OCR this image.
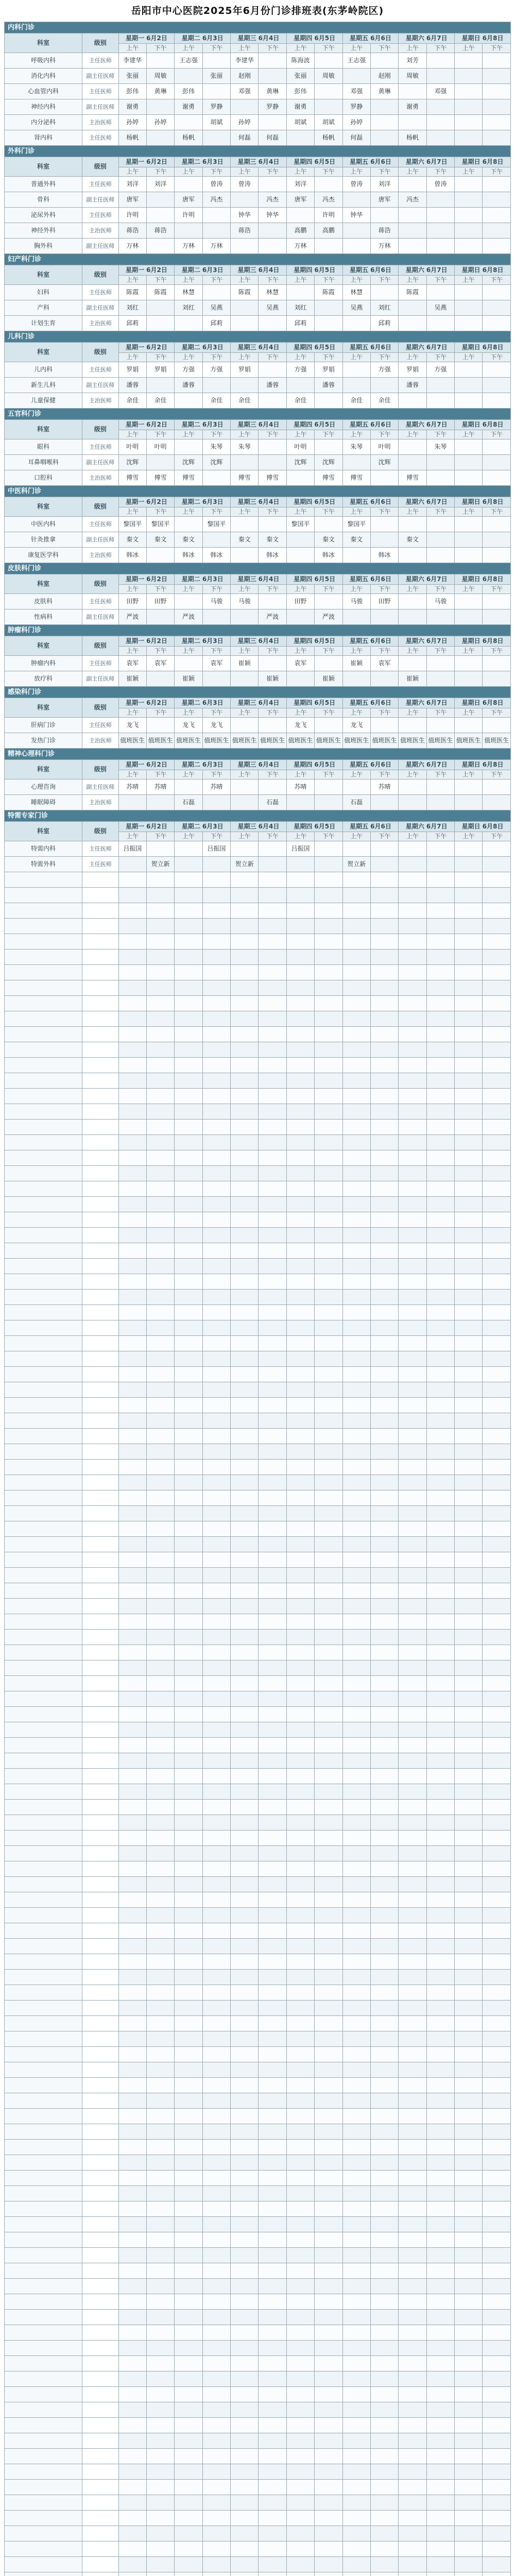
岳阳市中心医院2025年6月份门诊排班表(东茅岭院区)
内科门诊															
科室	级别	星期一 6月2日		星期二 6月3日		星期三 6月4日		星期四 6月5日		星期五 6月6日		星期六 6月7日		星期日 6月8日	
		上午	下午	上午	下午	上午	下午	上午	下午	上午	下午	上午	下午	上午	下午
呼吸内科	主任医师	李建华		王志强		李建华		陈海波		王志强		刘芳			
消化内科	副主任医师	张丽	周敏		张丽	赵刚		张丽	周敏		赵刚	周敏			
心血管内科	主任医师	彭伟	黄琳	彭伟		邓强	黄琳	彭伟		邓强	黄琳		邓强		
神经内科	副主任医师	谢勇		谢勇	罗静		罗静	谢勇		罗静		谢勇			
内分泌科	主治医师	孙婷	孙婷		胡斌	孙婷		胡斌	胡斌	孙婷					
肾内科	主任医师	杨帆		杨帆		何磊	何磊		杨帆	何磊		杨帆			
外科门诊															
科室	级别	星期一 6月2日		星期二 6月3日		星期三 6月4日		星期四 6月5日		星期五 6月6日		星期六 6月7日		星期日 6月8日	
		上午	下午	上午	下午	上午	下午	上午	下午	上午	下午	上午	下午	上午	下午
普通外科	主任医师	刘洋	刘洋		曾涛	曾涛		刘洋		曾涛	刘洋		曾涛		
骨科	副主任医师	唐军		唐军	冯杰		冯杰	唐军	冯杰		唐军	冯杰			
泌尿外科	主任医师	许明		许明		钟华	钟华		许明	钟华					
神经外科	主治医师	蒋浩	蒋浩			蒋浩		高鹏	高鹏		蒋浩				
胸外科	副主任医师	万林		万林	万林			万林			万林				
妇产科门诊															
科室	级别	星期一 6月2日		星期二 6月3日		星期三 6月4日		星期四 6月5日		星期五 6月6日		星期六 6月7日		星期日 6月8日	
		上午	下午	上午	下午	上午	下午	上午	下午	上午	下午	上午	下午	上午	下午
妇科	主任医师	陈霞	陈霞	林慧		陈霞	林慧		陈霞	林慧		陈霞			
产科	副主任医师	刘红		刘红	吴燕		吴燕	刘红		吴燕	刘红		吴燕		
计划生育	主治医师	邱莉			邱莉			邱莉			邱莉				
儿科门诊															
科室	级别	星期一 6月2日		星期二 6月3日		星期三 6月4日		星期四 6月5日		星期五 6月6日		星期六 6月7日		星期日 6月8日	
		上午	下午	上午	下午	上午	下午	上午	下午	上午	下午	上午	下午	上午	下午
儿内科	主任医师	罗娟	罗娟	方强	方强	罗娟		方强	罗娟		方强	罗娟	方强		
新生儿科	副主任医师	潘蓉		潘蓉			潘蓉		潘蓉			潘蓉			
儿童保健	主治医师	余佳	余佳		余佳	余佳		余佳		余佳	余佳				
五官科门诊															
科室	级别	星期一 6月2日		星期二 6月3日		星期三 6月4日		星期四 6月5日		星期五 6月6日		星期六 6月7日		星期日 6月8日	
		上午	下午	上午	下午	上午	下午	上午	下午	上午	下午	上午	下午	上午	下午
眼科	主任医师	叶明	叶明		朱琴	朱琴		叶明		朱琴	叶明		朱琴		
耳鼻咽喉科	副主任医师	沈辉		沈辉	沈辉			沈辉	沈辉		沈辉				
口腔科	主治医师	傅雪	傅雪	傅雪		傅雪	傅雪		傅雪	傅雪		傅雪			
中医科门诊															
科室	级别	星期一 6月2日		星期二 6月3日		星期三 6月4日		星期四 6月5日		星期五 6月6日		星期六 6月7日		星期日 6月8日	
		上午	下午	上午	下午	上午	下午	上午	下午	上午	下午	上午	下午	上午	下午
中医内科	主任医师	黎国平	黎国平		黎国平			黎国平		黎国平					
针灸推拿	副主任医师	秦文	秦文	秦文		秦文	秦文		秦文	秦文		秦文			
康复医学科	主治医师	韩冰		韩冰	韩冰		韩冰		韩冰		韩冰				
皮肤科门诊															
科室	级别	星期一 6月2日		星期二 6月3日		星期三 6月4日		星期四 6月5日		星期五 6月6日		星期六 6月7日		星期日 6月8日	
		上午	下午	上午	下午	上午	下午	上午	下午	上午	下午	上午	下午	上午	下午
皮肤科	主任医师	田野	田野		马骏	马骏		田野		马骏	田野		马骏		
性病科	副主任医师	严波		严波			严波		严波						
肿瘤科门诊															
科室	级别	星期一 6月2日		星期二 6月3日		星期三 6月4日		星期四 6月5日		星期五 6月6日		星期六 6月7日		星期日 6月8日	
		上午	下午	上午	下午	上午	下午	上午	下午	上午	下午	上午	下午	上午	下午
肿瘤内科	主任医师	袁军	袁军		袁军	崔颖		袁军		崔颖	袁军				
放疗科	副主任医师	崔颖		崔颖			崔颖		崔颖			崔颖			
感染科门诊															
科室	级别	星期一 6月2日		星期二 6月3日		星期三 6月4日		星期四 6月5日		星期五 6月6日		星期六 6月7日		星期日 6月8日	
		上午	下午	上午	下午	上午	下午	上午	下午	上午	下午	上午	下午	上午	下午
肝病门诊	主任医师	龙飞		龙飞	龙飞			龙飞		龙飞					
发热门诊	主治医师	值班医生	值班医生	值班医生	值班医生	值班医生	值班医生	值班医生	值班医生	值班医生	值班医生	值班医生	值班医生	值班医生	值班医生
精神心理科门诊															
科室	级别	星期一 6月2日		星期二 6月3日		星期三 6月4日		星期四 6月5日		星期五 6月6日		星期六 6月7日		星期日 6月8日	
		上午	下午	上午	下午	上午	下午	上午	下午	上午	下午	上午	下午	上午	下午
心理咨询	副主任医师	苏晴	苏晴		苏晴			苏晴			苏晴				
睡眠障碍	主治医师			石磊			石磊			石磊					
特需专家门诊															
科室	级别	星期一 6月2日		星期二 6月3日		星期三 6月4日		星期四 6月5日		星期五 6月6日		星期六 6月7日		星期日 6月8日	
		上午	下午	上午	下午	上午	下午	上午	下午	上午	下午	上午	下午	上午	下午
特需内科	主任医师	吕振国			吕振国			吕振国							
特需外科	主任医师		贺立新			贺立新				贺立新					
